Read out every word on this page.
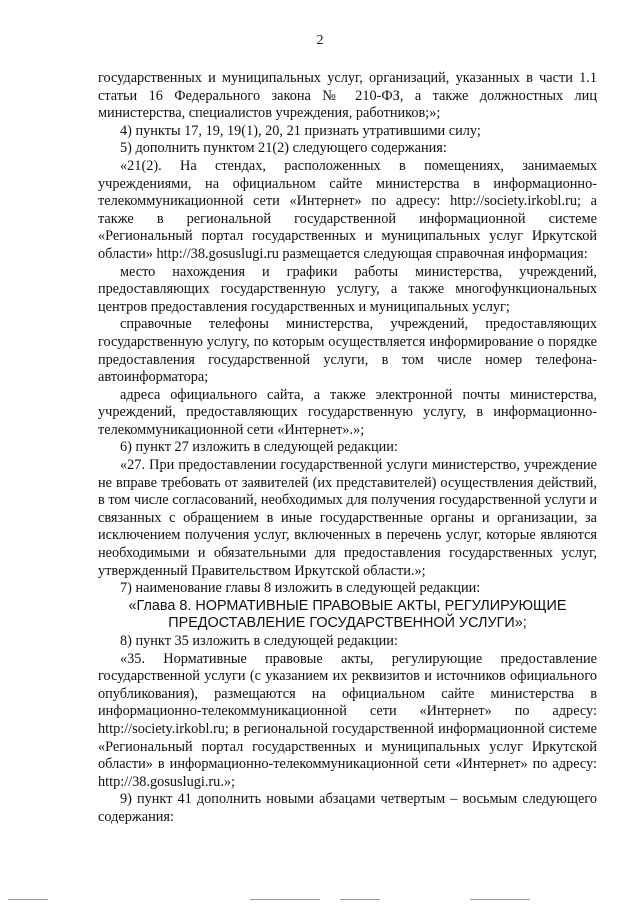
2

государственных и муниципальных услуг, организаций, указанных в части 1.1 статьи 16 Федерального закона № 210-ФЗ, а также должностных лиц министерства, специалистов учреждения, работников;»;

4) пункты 17, 19, 19(1), 20, 21 признать утратившими силу;

5) дополнить пунктом 21(2) следующего содержания:

«21(2). На стендах, расположенных в помещениях, занимаемых учреждениями, на официальном сайте министерства в информационно-телекоммуникационной сети «Интернет» по адресу: http://society.irkobl.ru; а также в региональной государственной информационной системе «Региональный портал государственных и муниципальных услуг Иркутской области» http://38.gosuslugi.ru размещается следующая справочная информация:

место нахождения и графики работы министерства, учреждений, предоставляющих государственную услугу, а также многофункциональных центров предоставления государственных и муниципальных услуг;

справочные телефоны министерства, учреждений, предоставляющих государственную услугу, по которым осуществляется информирование о порядке предоставления государственной услуги, в том числе номер телефона-автоинформатора;

адреса официального сайта, а также электронной почты министерства, учреждений, предоставляющих государственную услугу, в информационно-телекоммуникационной сети «Интернет».»;

6) пункт 27 изложить в следующей редакции:

«27. При предоставлении государственной услуги министерство, учреждение не вправе требовать от заявителей (их представителей) осуществления действий, в том числе согласований, необходимых для получения государственной услуги и связанных с обращением в иные государственные органы и организации, за исключением получения услуг, включенных в перечень услуг, которые являются необходимыми и обязательными для предоставления государственных услуг, утвержденный Правительством Иркутской области.»;

7) наименование главы 8 изложить в следующей редакции:

«Глава 8. НОРМАТИВНЫЕ ПРАВОВЫЕ АКТЫ, РЕГУЛИРУЮЩИЕ

ПРЕДОСТАВЛЕНИЕ ГОСУДАРСТВЕННОЙ УСЛУГИ»;

8) пункт 35 изложить в следующей редакции:

«35. Нормативные правовые акты, регулирующие предоставление государственной услуги (с указанием их реквизитов и источников официального опубликования), размещаются на официальном сайте министерства в информационно-телекоммуникационной сети «Интернет» по адресу: http://society.irkobl.ru; в региональной государственной информационной системе «Региональный портал государственных и муниципальных услуг Иркутской области» в информационно-телекоммуникационной сети «Интернет» по адресу: http://38.gosuslugi.ru.»;

9) пункт 41 дополнить новыми абзацами четвертым – восьмым следующего содержания:
